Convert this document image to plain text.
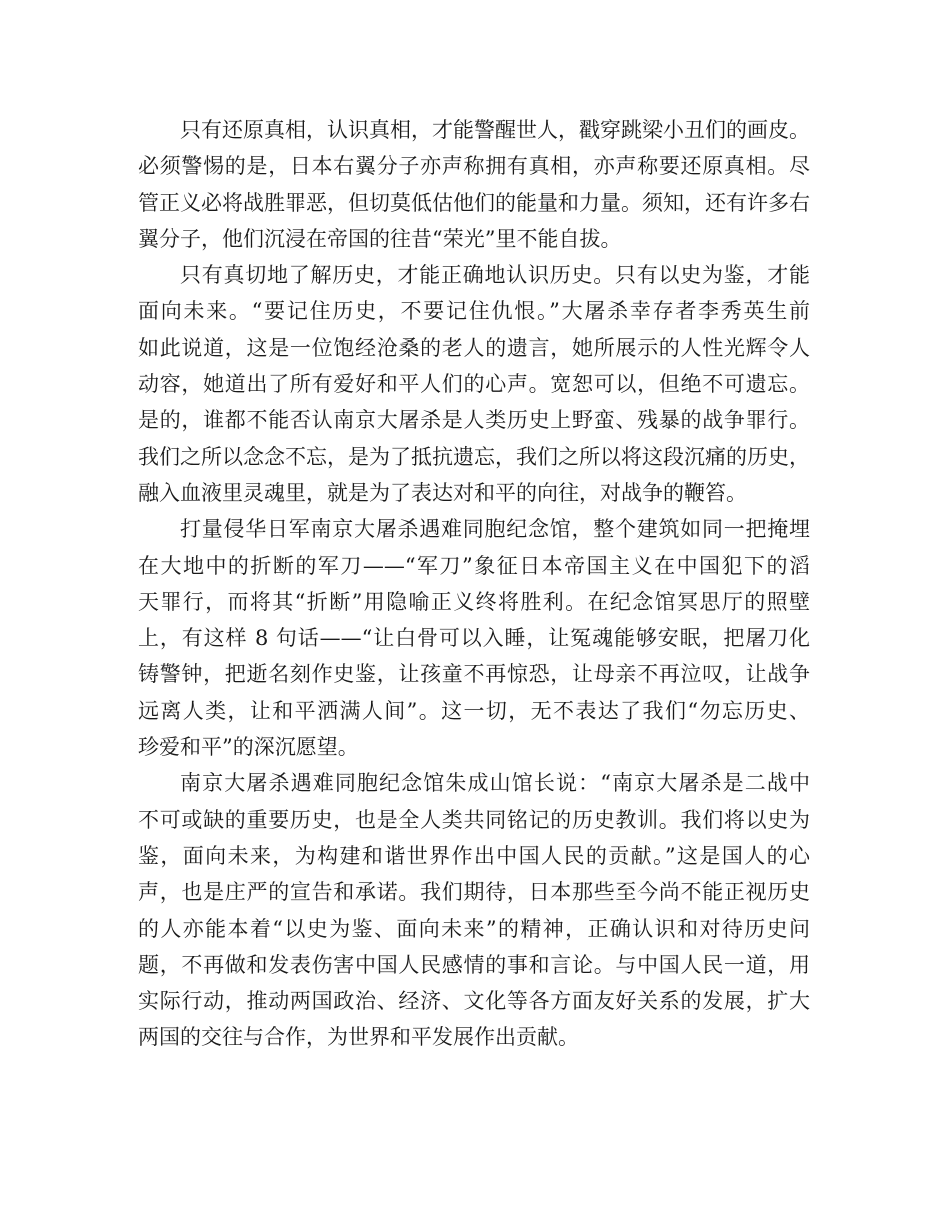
只有还原真相，认识真相，才能警醒世人，戳穿跳梁小丑们的画皮。
必须警惕的是，日本右翼分子亦声称拥有真相，亦声称要还原真相。尽
管正义必将战胜罪恶，但切莫低估他们的能量和力量。须知，还有许多右
翼分子，他们沉浸在帝国的往昔“荣光”里不能自拔。

只有真切地了解历史，才能正确地认识历史。只有以史为鉴，才能
面向未来。“要记住历史，不要记住仇恨。”大屠杀幸存者李秀英生前
如此说道，这是一位饱经沧桑的老人的遗言，她所展示的人性光辉令人
动容，她道出了所有爱好和平人们的心声。宽恕可以，但绝不可遗忘。
是的，谁都不能否认南京大屠杀是人类历史上野蛮、残暴的战争罪行。
我们之所以念念不忘，是为了抵抗遗忘，我们之所以将这段沉痛的历史，
融入血液里灵魂里，就是为了表达对和平的向往，对战争的鞭笞。

打量侵华日军南京大屠杀遇难同胞纪念馆，整个建筑如同一把掩埋
在大地中的折断的军刀——“军刀”象征日本帝国主义在中国犯下的滔
天罪行，而将其“折断”用隐喻正义终将胜利。在纪念馆冥思厅的照壁
上，有这样 8 句话——“让白骨可以入睡，让冤魂能够安眠，把屠刀化
铸警钟，把逝名刻作史鉴，让孩童不再惊恐，让母亲不再泣叹，让战争
远离人类，让和平洒满人间”。这一切，无不表达了我们“勿忘历史、
珍爱和平”的深沉愿望。

南京大屠杀遇难同胞纪念馆朱成山馆长说：“南京大屠杀是二战中
不可或缺的重要历史，也是全人类共同铭记的历史教训。我们将以史为
鉴，面向未来，为构建和谐世界作出中国人民的贡献。”这是国人的心
声，也是庄严的宣告和承诺。我们期待，日本那些至今尚不能正视历史
的人亦能本着“以史为鉴、面向未来”的精神，正确认识和对待历史问
题，不再做和发表伤害中国人民感情的事和言论。与中国人民一道，用
实际行动，推动两国政治、经济、文化等各方面友好关系的发展，扩大
两国的交往与合作，为世界和平发展作出贡献。
